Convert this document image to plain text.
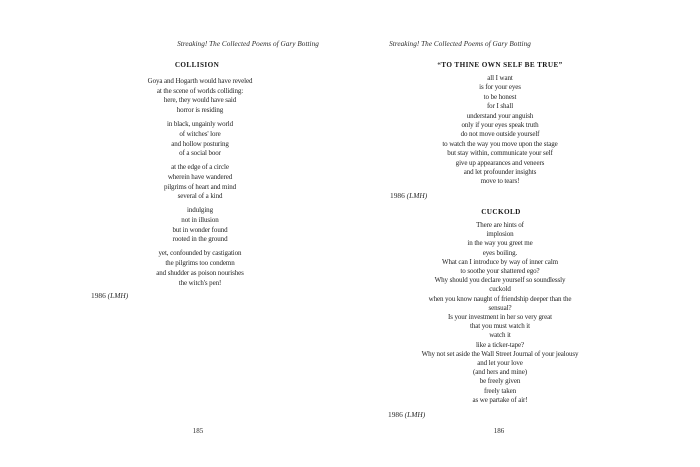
Streaking! The Collected Poems of Gary Botting
COLLISION
Goya and Hogarth would have reveled
at the scene of worlds colliding:
here, they would have said
horror is residing
in black, ungainly world
of witches' lore
and hollow posturing
of a social boor
at the edge of a circle
wherein have wandered
pilgrims of heart and mind
several of a kind
indulging
not in illusion
but in wonder found
rooted in the ground
yet, confounded by castigation
the pilgrims too condemn
and shudder as poison nourishes
the witch's pen!
1986 (LMH)
185
Streaking! The Collected Poems of Gary Botting
“TO THINE OWN SELF BE TRUE”
all I want
is for your eyes
to be honest
for I shall
understand your anguish
only if your eyes speak truth
do not move outside yourself
to watch the way you move upon the stage
but stay within, communicate your self
give up appearances and veneers
and let profounder insights
move to tears!
1986 (LMH)
CUCKOLD
There are hints of
implosion
in the way you greet me
eyes boiling.
What can I introduce by way of inner calm
to soothe your shattered ego?
Why should you declare yourself so soundlessly
cuckold
when you know naught of friendship deeper than the
sensual?
Is your investment in her so very great
that you must watch it
watch it
like a ticker-tape?
Why not set aside the Wall Street Journal of your jealousy
and let your love
(and hers and mine)
be freely given
freely taken
as we partake of air!
1986 (LMH)
186
